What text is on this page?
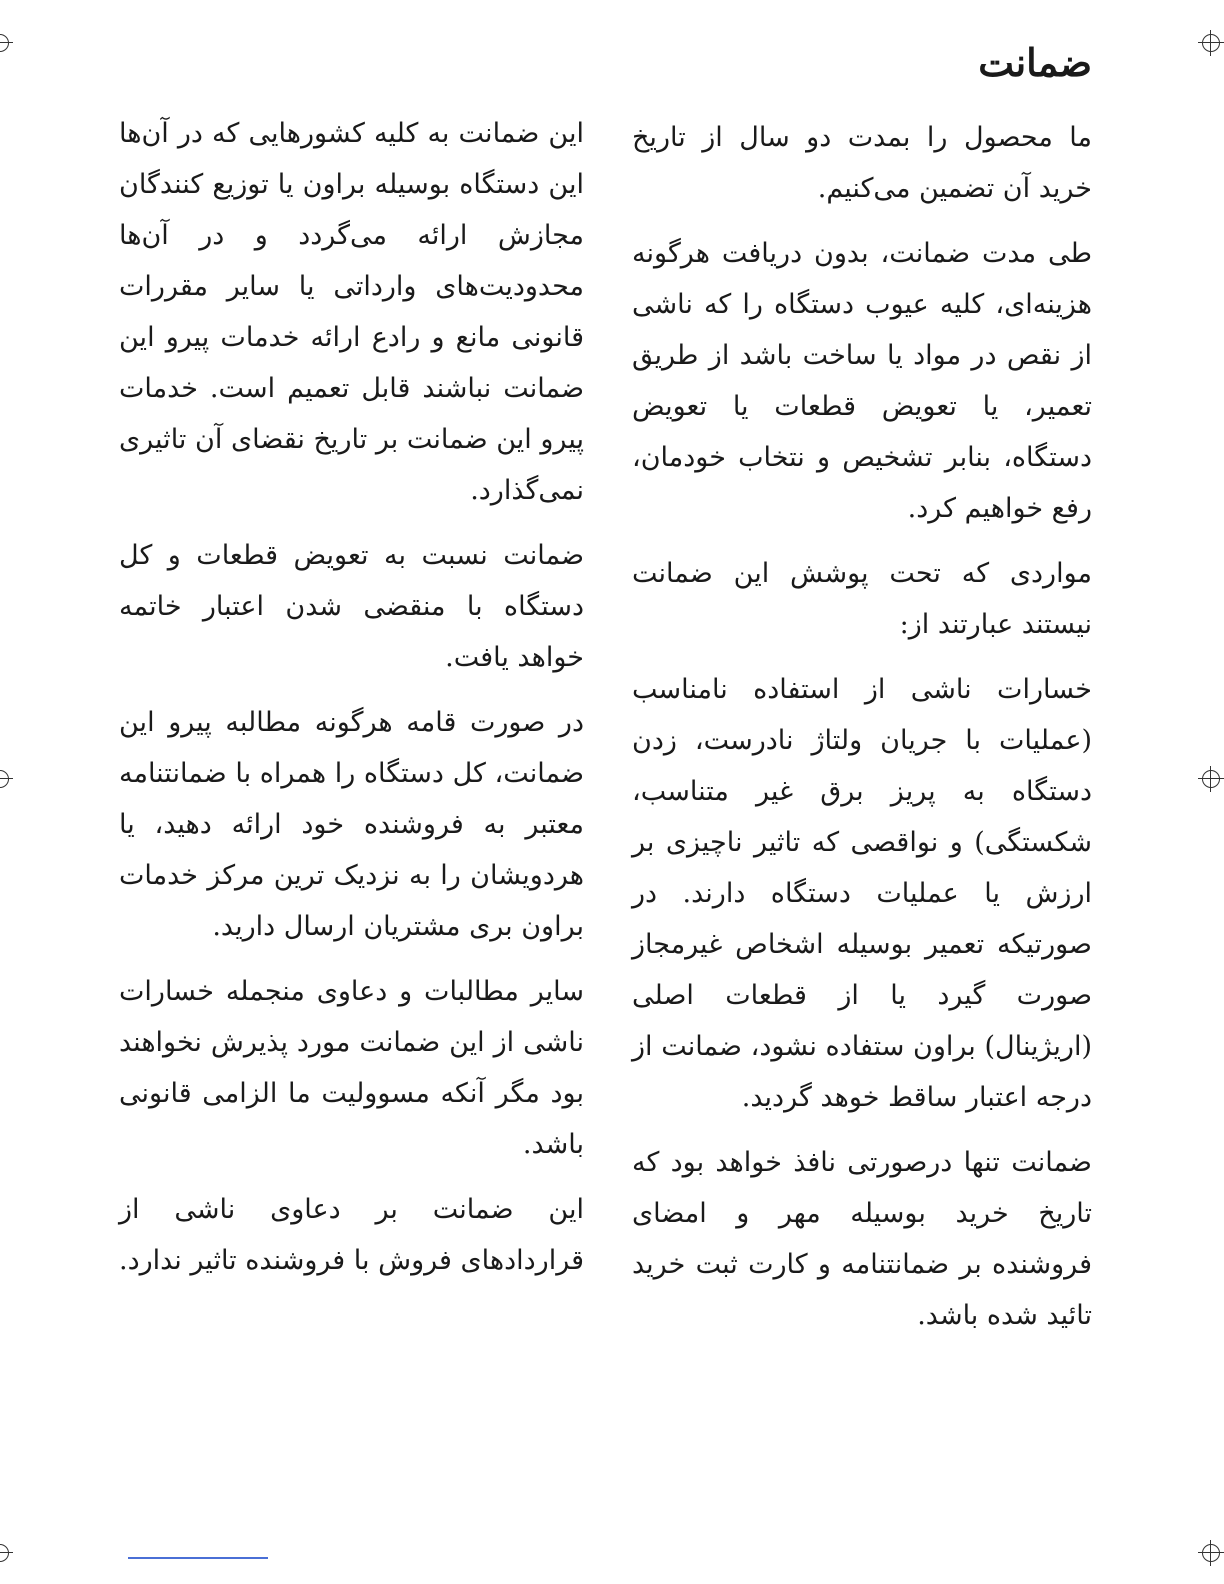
ضمانت

ما محصول را بمدت دو سال از تاریخ خرید آن تضمین می‌کنیم.

طی مدت ضمانت، بدون دریافت هرگونه هزینه‌ای، کلیه عیوب دستگاه را که ناشی از نقص در مواد یا ساخت باشد از طریق تعمیر، یا تعویض قطعات یا تعویض دستگاه، بنابر تشخیص و نتخاب خودمان، رفع خواهیم کرد.

مواردی که تحت پوشش این ضمانت نیستند عبارتند از:

خسارات ناشی از استفاده نامناسب (عملیات با جریان ولتاژ نادرست، زدن دستگاه به پریز برق غیر متناسب، شکستگی) و نواقصی که تاثیر ناچیزی بر ارزش یا عملیات دستگاه دارند. در صورتیکه تعمیر بوسیله اشخاص غیرمجاز صورت گیرد یا از قطعات اصلی (اریژینال) براون ستفاده نشود، ضمانت از درجه اعتبار ساقط خوهد گردید.

ضمانت تنها درصورتی نافذ خواهد بود که تاریخ خرید بوسیله مهر و امضای فروشنده بر ضمانتنامه و کارت ثبت خرید تائید شده باشد.

این ضمانت به کلیه کشورهایی که در آن‌ها این دستگاه بوسیله براون یا توزیع کنندگان مجازش ارائه می‌گردد و در آن‌ها محدودیت‌های وارداتی یا سایر مقررات قانونی مانع و رادع ارائه خدمات پیرو این ضمانت نباشند قابل تعمیم است. خدمات پیرو این ضمانت بر تاریخ نقضای آن تاثیری نمی‌گذارد.

ضمانت نسبت به تعویض قطعات و کل دستگاه با منقضی شدن اعتبار خاتمه خواهد یافت.

در صورت قامه هرگونه مطالبه پیرو این ضمانت، کل دستگاه را همراه با ضمانتنامه معتبر به فروشنده خود ارائه دهید، یا هردویشان را به نزدیک ترین مرکز خدمات براون بری مشتریان ارسال دارید.

سایر مطالبات و دعاوی منجمله خسارات ناشی از این ضمانت مورد پذیرش نخواهند بود مگر آنکه مسوولیت ما الزامی قانونی باشد.

این ضمانت بر دعاوی ناشی از قراردادهای فروش با فروشنده تاثیر ندارد.
